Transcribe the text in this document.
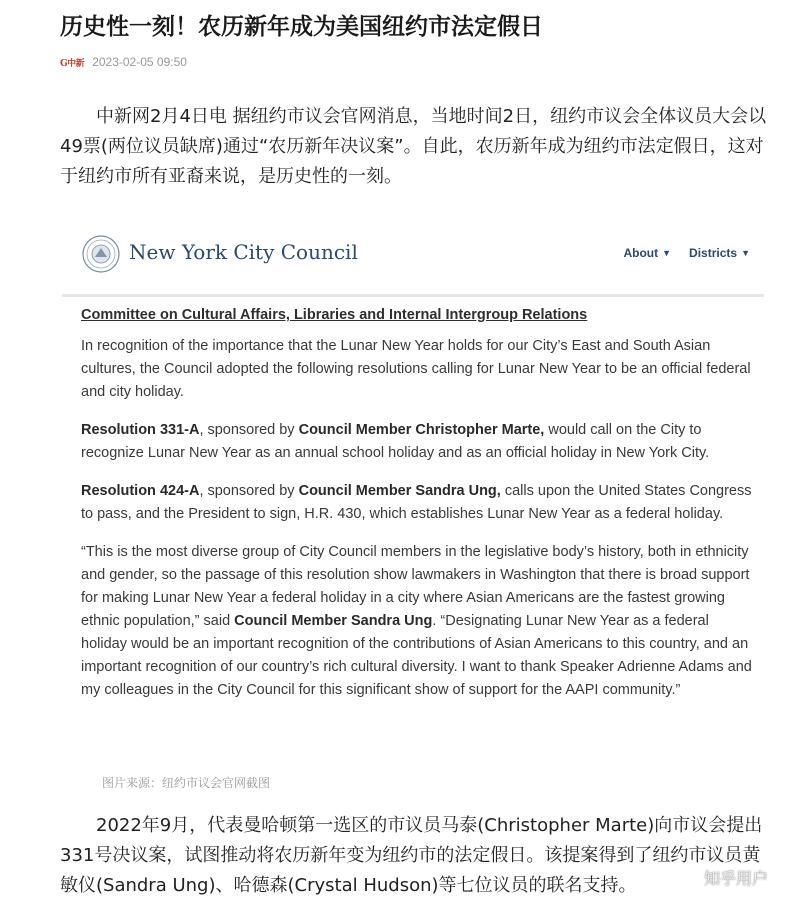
历史性一刻！农历新年成为美国纽约市法定假日
G中新 2023-02-05 09:50

中新网2月4日电 据纽约市议会官网消息，当地时间2日，纽约市议会全体议员大会以49票(两位议员缺席)通过“农历新年决议案”。自此，农历新年成为纽约市法定假日，这对于纽约市所有亚裔来说，是历史性的一刻。

New York City Council	About ▼ Districts ▼

Committee on Cultural Affairs, Libraries and Internal Intergroup Relations

In recognition of the importance that the Lunar New Year holds for our City’s East and South Asian cultures, the Council adopted the following resolutions calling for Lunar New Year to be an official federal and city holiday.

Resolution 331-A, sponsored by Council Member Christopher Marte, would call on the City to recognize Lunar New Year as an annual school holiday and as an official holiday in New York City.

Resolution 424-A, sponsored by Council Member Sandra Ung, calls upon the United States Congress to pass, and the President to sign, H.R. 430, which establishes Lunar New Year as a federal holiday.

“This is the most diverse group of City Council members in the legislative body’s history, both in ethnicity and gender, so the passage of this resolution show lawmakers in Washington that there is broad support for making Lunar New Year a federal holiday in a city where Asian Americans are the fastest growing ethnic population,” said Council Member Sandra Ung. “Designating Lunar New Year as a federal holiday would be an important recognition of the contributions of Asian Americans to this country, and an important recognition of our country’s rich cultural diversity. I want to thank Speaker Adrienne Adams and my colleagues in the City Council for this significant show of support for the AAPI community.”

图片来源：纽约市议会官网截图

2022年9月，代表曼哈顿第一选区的市议员马泰(Christopher Marte)向市议会提出331号决议案，试图推动将农历新年变为纽约市的法定假日。该提案得到了纽约市议员黄敏仪(Sandra Ung)、哈德森(Crystal Hudson)等七位议员的联名支持。	知乎用户
